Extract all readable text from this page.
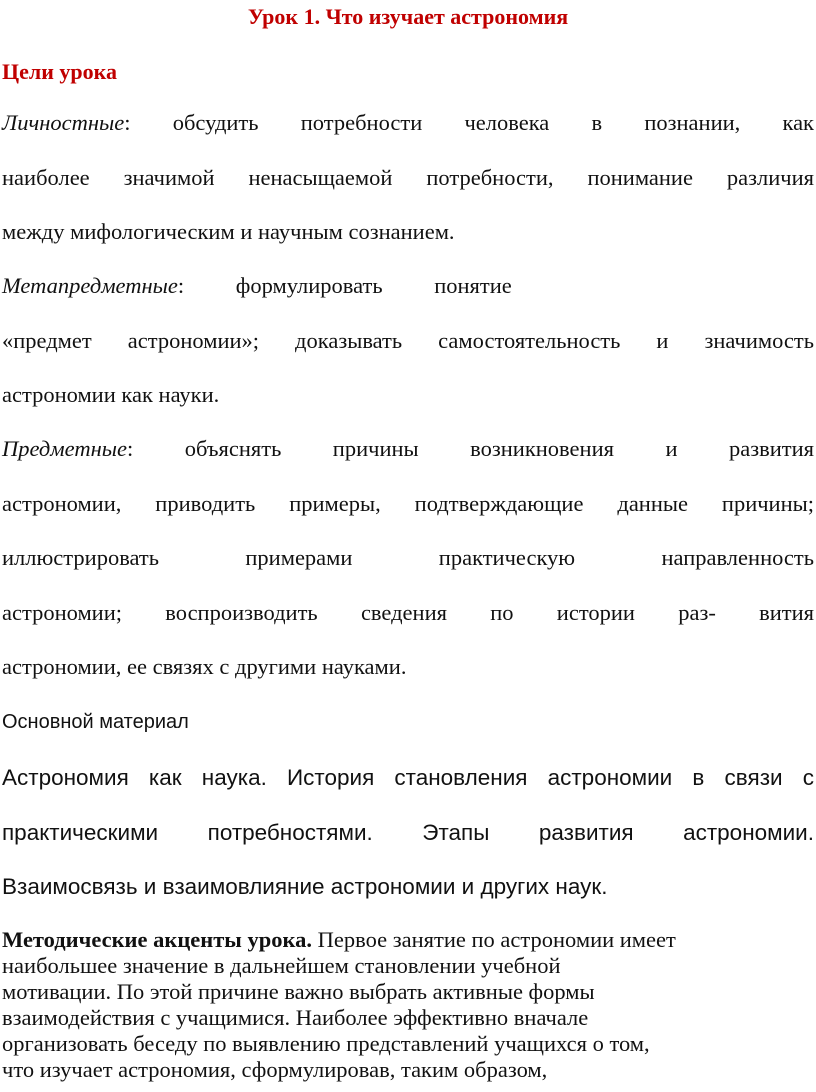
Урок 1. Что изучает астрономия
Цели урока
Личностные: обсудить потребности человека в познании, как
наиболее значимой ненасыщаемой потребности, понимание различия
между мифологическим и научным сознанием.
Метапредметные: формулировать понятие
«предмет астрономии»; доказывать самостоятельность и значимость
астрономии как науки.
Предметные: объяснять причины возникновения и развития
астрономии, приводить примеры, подтверждающие данные причины;
иллюстрировать примерами практическую направленность
астрономии; воспроизводить сведения по истории раз- вития
астрономии, ее связях с другими науками.
Основной материал
Астрономия как наука. История становления астрономии в связи с
практическими потребностями. Этапы развития астрономии.
Взаимосвязь и взаимовлияние астрономии и других наук.
Методические акценты урока. Первое занятие по астрономии имеет
наибольшее значение в дальнейшем становлении учебной
мотивации. По этой причине важно выбрать активные формы
взаимодействия с учащимися. Наиболее эффективно вначале
организовать беседу по выявлению представлений учащихся о том,
что изучает астрономия, сформулировав, таким образом,
